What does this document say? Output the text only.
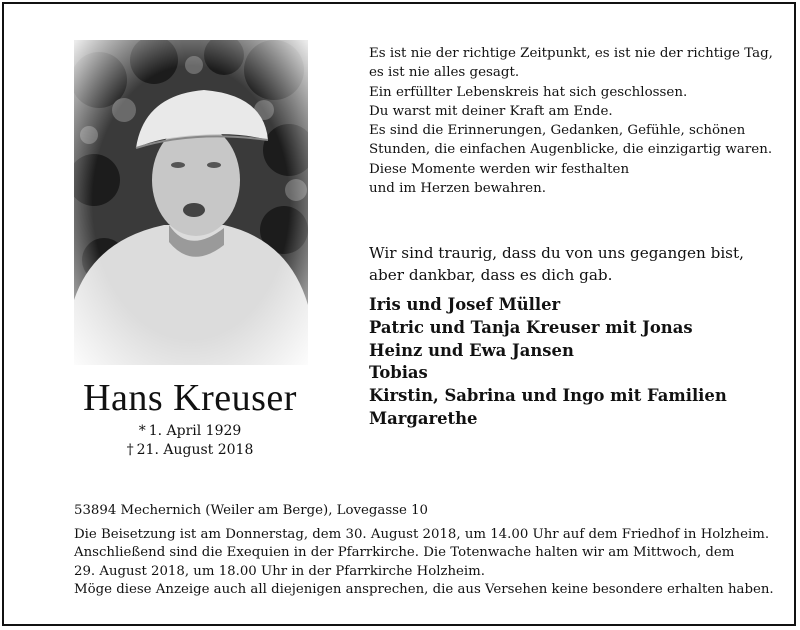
Hans Kreuser
* 1. April 1929
† 21. August 2018
Es ist nie der richtige Zeitpunkt, es ist nie der richtige Tag,
es ist nie alles gesagt.
Ein erfüllter Lebenskreis hat sich geschlossen.
Du warst mit deiner Kraft am Ende.
Es sind die Erinnerungen, Gedanken, Gefühle, schönen
Stunden, die einfachen Augenblicke, die einzigartig waren.
Diese Momente werden wir festhalten
und im Herzen bewahren.
Wir sind traurig, dass du von uns gegangen bist,
aber dankbar, dass es dich gab.
Iris und Josef Müller
Patric und Tanja Kreuser mit Jonas
Heinz und Ewa Jansen
Tobias
Kirstin, Sabrina und Ingo mit Familien
Margarethe
53894 Mechernich (Weiler am Berge), Lovegasse 10
Die Beisetzung ist am Donnerstag, dem 30. August 2018, um 14.00 Uhr auf dem Friedhof in Holzheim.
Anschließend sind die Exequien in der Pfarrkirche. Die Totenwache halten wir am Mittwoch, dem
29. August 2018, um 18.00 Uhr in der Pfarrkirche Holzheim.
Möge diese Anzeige auch all diejenigen ansprechen, die aus Versehen keine besondere erhalten haben.
